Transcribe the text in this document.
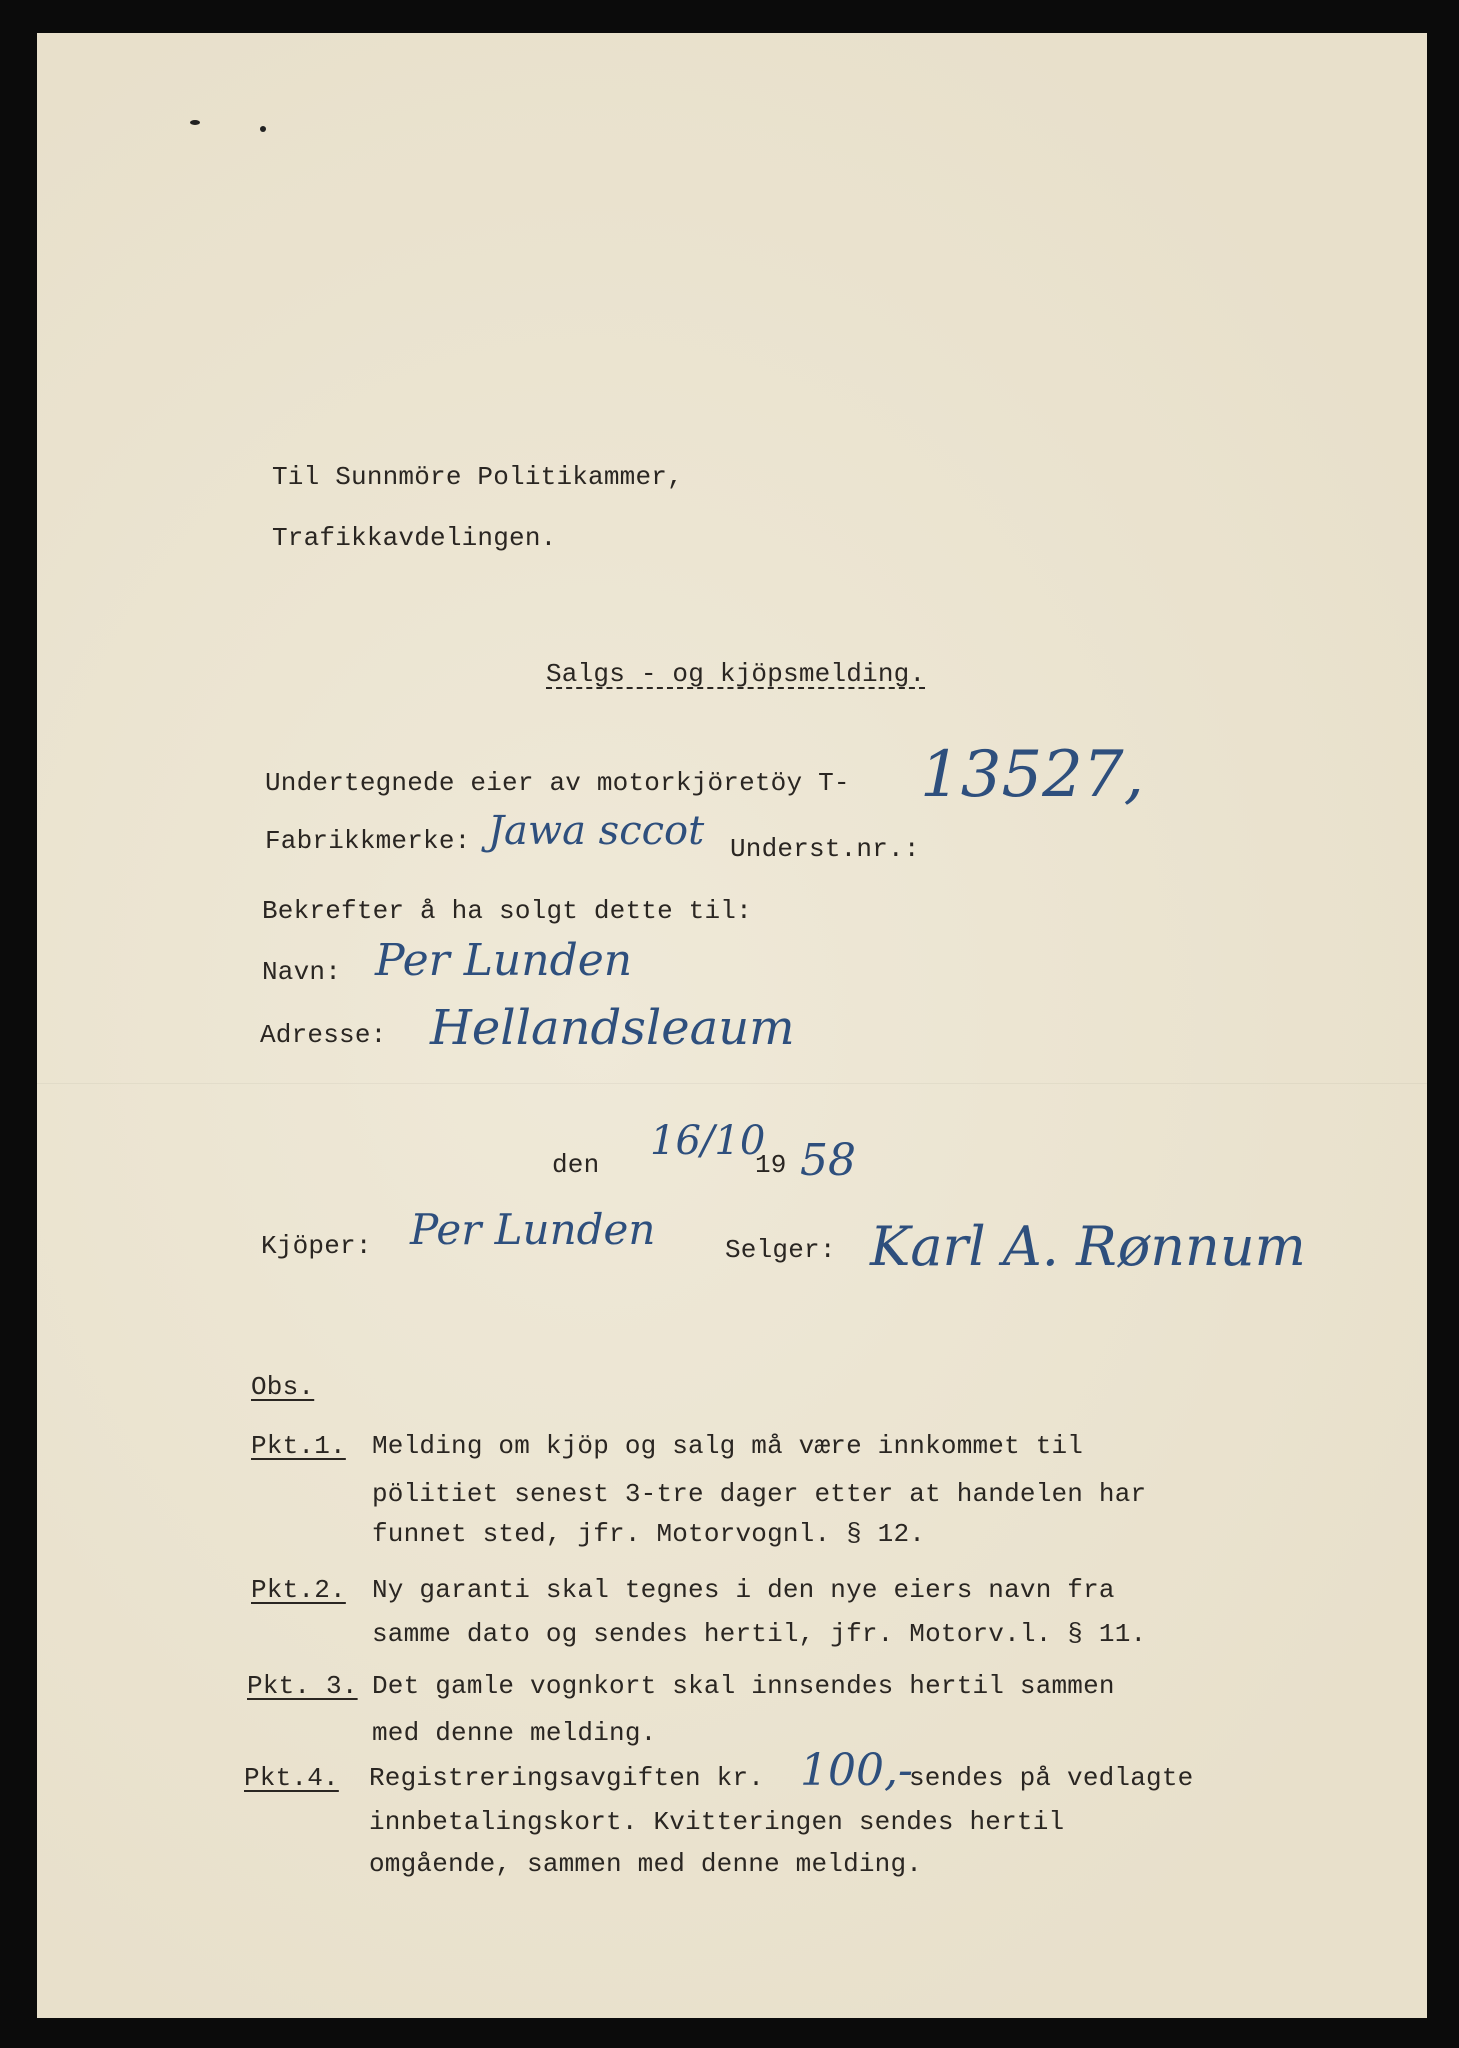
Til Sunnmöre Politikammer,
Trafikkavdelingen.
Salgs - og kjöpsmelding.
Undertegnede eier av motorkjöretöy T- 13527,
Fabrikkmerke: Jawa sccot Underst.nr.:
Bekrefter å ha solgt dette til:
Navn: Per Lunden
Adresse: Hellandsleaum
den
16/10
19 58
Kjöper: Per Lunden	Selger: Karl A. Rønnum
Obs.
Pkt.1. Melding om kjöp og salg må være innkommet til
pölitiet senest 3-tre dager etter at handelen har
funnet sted, jfr. Motorvognl. § 12.
Pkt.2. Ny garanti skal tegnes i den nye eiers navn fra
samme dato og sendes hertil, jfr. Motorv.l. § 11.
Pkt. 3. Det gamle vognkort skal innsendes hertil sammen
med denne melding.
Pkt.4. Registreringsavgiften kr. 100,-
sendes på vedlagte
innbetalingskort. Kvitteringen sendes hertil
omgående, sammen med denne melding.
